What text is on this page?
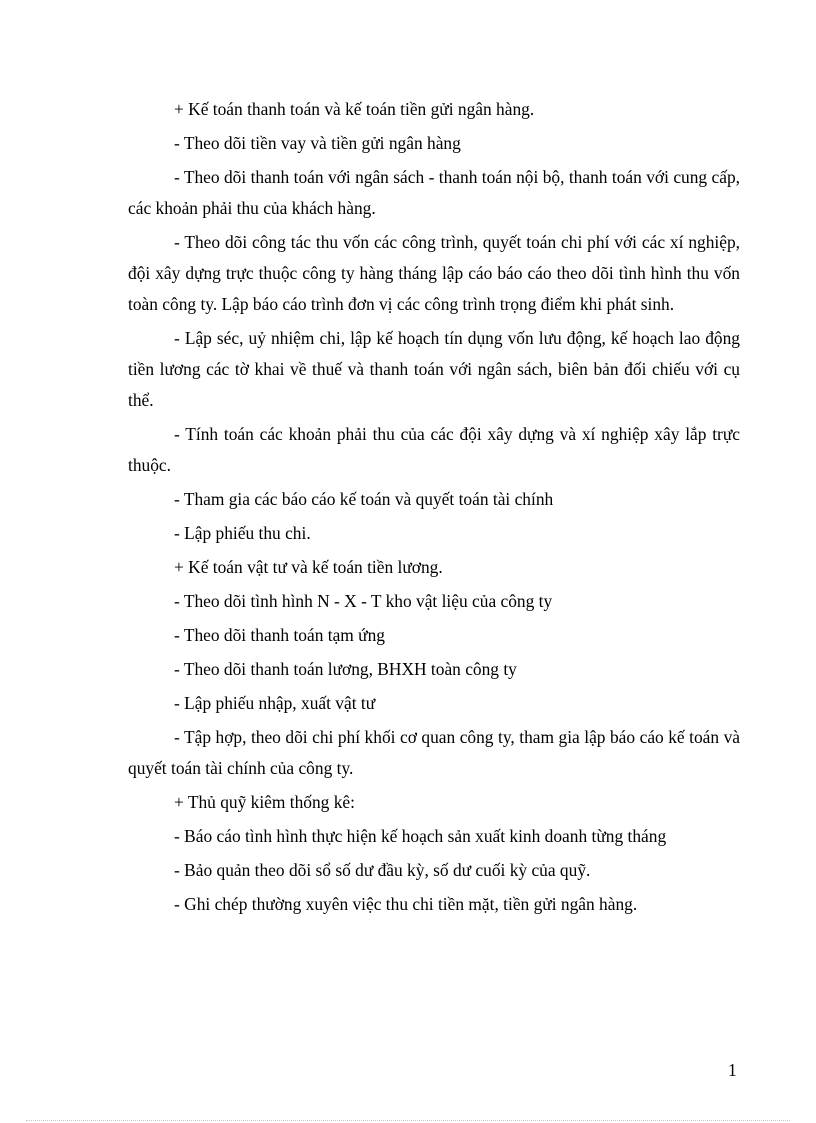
+ Kế toán thanh toán và kế toán tiền gửi ngân hàng.

- Theo dõi tiền vay và tiền gửi ngân hàng

- Theo dõi thanh toán với ngân sách - thanh toán nội bộ, thanh toán với cung cấp, các khoản phải thu của khách hàng.

- Theo dõi công tác thu vốn các công trình, quyết toán chi phí với các xí nghiệp, đội xây dựng trực thuộc công ty hàng tháng lập cáo báo cáo theo dõi tình hình thu vốn toàn công ty. Lập báo cáo trình đơn vị các công trình trọng điểm khi phát sinh.

- Lập séc, uỷ nhiệm chi, lập kế hoạch tín dụng vốn lưu động, kế hoạch lao động tiền lương các tờ khai về thuế và thanh toán với ngân sách, biên bản đối chiếu với cụ thể.

- Tính toán các khoản phải thu của các đội xây dựng và xí nghiệp xây lắp trực thuộc.

- Tham gia các báo cáo kế toán và quyết toán tài chính

- Lập phiếu thu chi.

+ Kế toán vật tư và kế toán tiền lương.

- Theo dõi tình hình N - X - T kho vật liệu của công ty

- Theo dõi thanh toán tạm ứng

- Theo dõi thanh toán lương, BHXH toàn công ty

- Lập phiếu nhập, xuất vật tư

- Tập hợp, theo dõi chi phí khối cơ quan công ty, tham gia lập báo cáo kế toán và quyết toán tài chính của công ty.

+ Thủ quỹ kiêm thống kê:

- Báo cáo tình hình thực hiện kế hoạch sản xuất kinh doanh từng tháng

- Bảo quản theo dõi sổ số dư đầu kỳ, số dư cuối kỳ của quỹ.

- Ghi chép thường xuyên việc thu chi tiền mặt, tiền gửi ngân hàng.

1
